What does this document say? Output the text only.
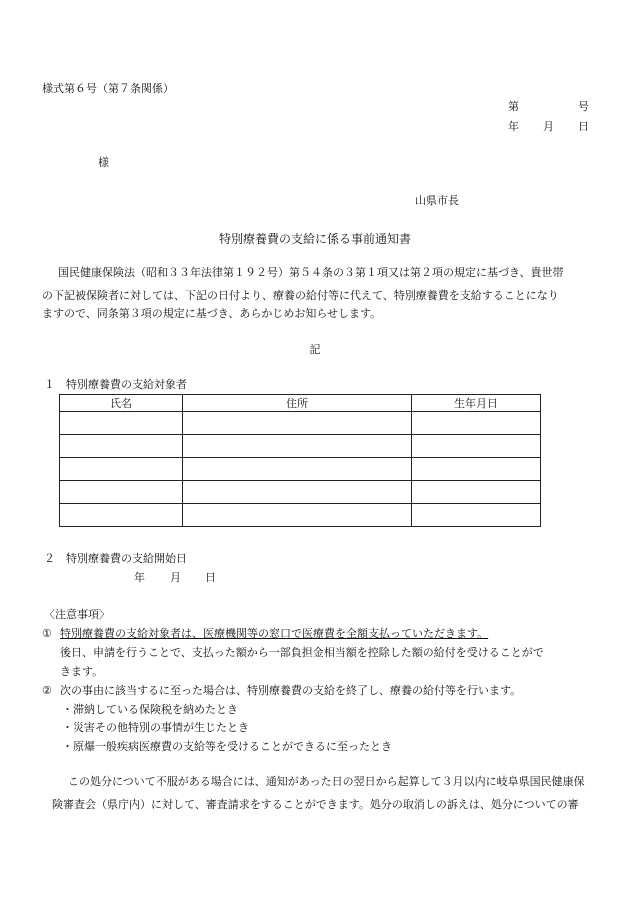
様式第６号（第７条関係）
第	号
年 月 日
様
山県市長
特別療養費の支給に係る事前通知書
国民健康保険法（昭和３３年法律第１９２号）第５４条の３第１項又は第２項の規定に基づき、貴世帯
の下記被保険者に対しては、下記の日付より、療養の給付等に代えて、特別療養費を支給することになり
ますので、同条第３項の規定に基づき、あらかじめお知らせします。
記
１　特別療養費の支給対象者
氏名	住所	生年月日

２　特別療養費の支給開始日
年 月 日
〈注意事項〉
① 特別療養費の支給対象者は、医療機関等の窓口で医療費を全額支払っていただきます。
後日、申請を行うことで、支払った額から一部負担金相当額を控除した額の給付を受けることがで
きます。
② 次の事由に該当するに至った場合は、特別療養費の支給を終了し、療養の給付等を行います。
・滞納している保険税を納めたとき
・災害その他特別の事情が生じたとき
・原爆一般疾病医療費の支給等を受けることができるに至ったとき
この処分について不服がある場合には、通知があった日の翌日から起算して３月以内に岐阜県国民健康保
険審査会（県庁内）に対して、審査請求をすることができます。処分の取消しの訴えは、処分についての審
